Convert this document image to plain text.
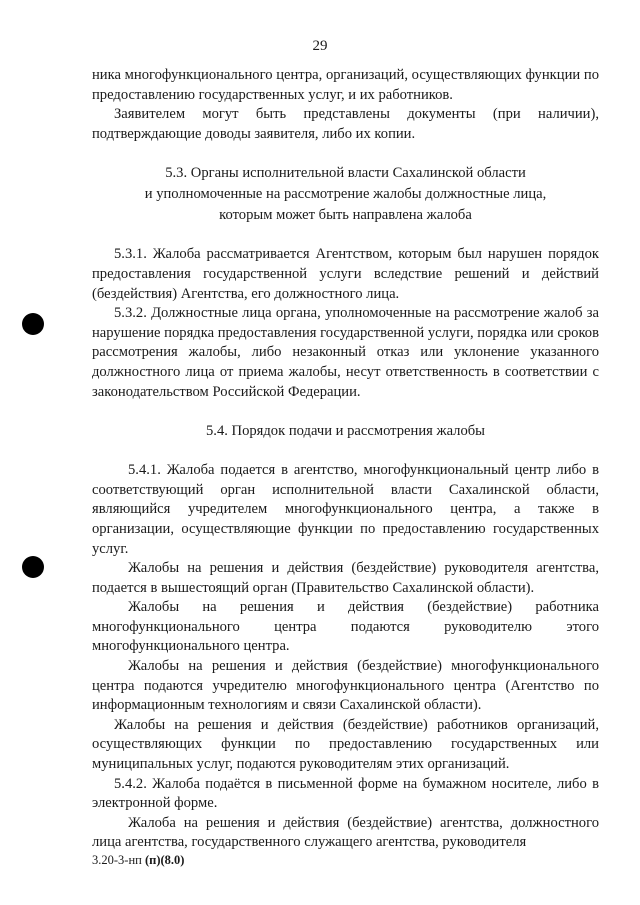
29

ника многофункционального центра, организаций, осуществляющих функции по предоставлению государственных услуг, и их работников.

Заявителем могут быть представлены документы (при наличии), подтверждающие доводы заявителя, либо их копии.

5.3. Органы исполнительной власти Сахалинской области
и уполномоченные на рассмотрение жалобы должностные лица,
которым может быть направлена жалоба

5.3.1. Жалоба рассматривается Агентством, которым был нарушен порядок предоставления государственной услуги вследствие решений и действий (бездействия) Агентства, его должностного лица.

5.3.2. Должностные лица органа, уполномоченные на рассмотрение жалоб за нарушение порядка предоставления государственной услуги, порядка или сроков рассмотрения жалобы, либо незаконный отказ или уклонение указанного должностного лица от приема жалобы, несут ответственность в соответствии с законодательством Российской Федерации.

5.4. Порядок подачи и рассмотрения жалобы

5.4.1. Жалоба подается в агентство, многофункциональный центр либо в соответствующий орган исполнительной власти Сахалинской области, являющийся учредителем многофункционального центра, а также в организации, осуществляющие функции по предоставлению государственных услуг.

Жалобы на решения и действия (бездействие) руководителя агентства, подается в вышестоящий орган (Правительство Сахалинской области).

Жалобы на решения и действия (бездействие) работника многофункционального центра подаются руководителю этого многофункционального центра.

Жалобы на решения и действия (бездействие) многофункционального центра подаются учредителю многофункционального центра (Агентство по информационным технологиям и связи Сахалинской области).

Жалобы на решения и действия (бездействие) работников организаций, осуществляющих функции по предоставлению государственных или муниципальных услуг, подаются руководителям этих организаций.

5.4.2. Жалоба подаётся в письменной форме на бумажном носителе, либо в электронной форме.

Жалоба на решения и действия (бездействие) агентства, должностного лица агентства, государственного служащего агентства, руководителя

3.20-3-нп (п)(8.0)
